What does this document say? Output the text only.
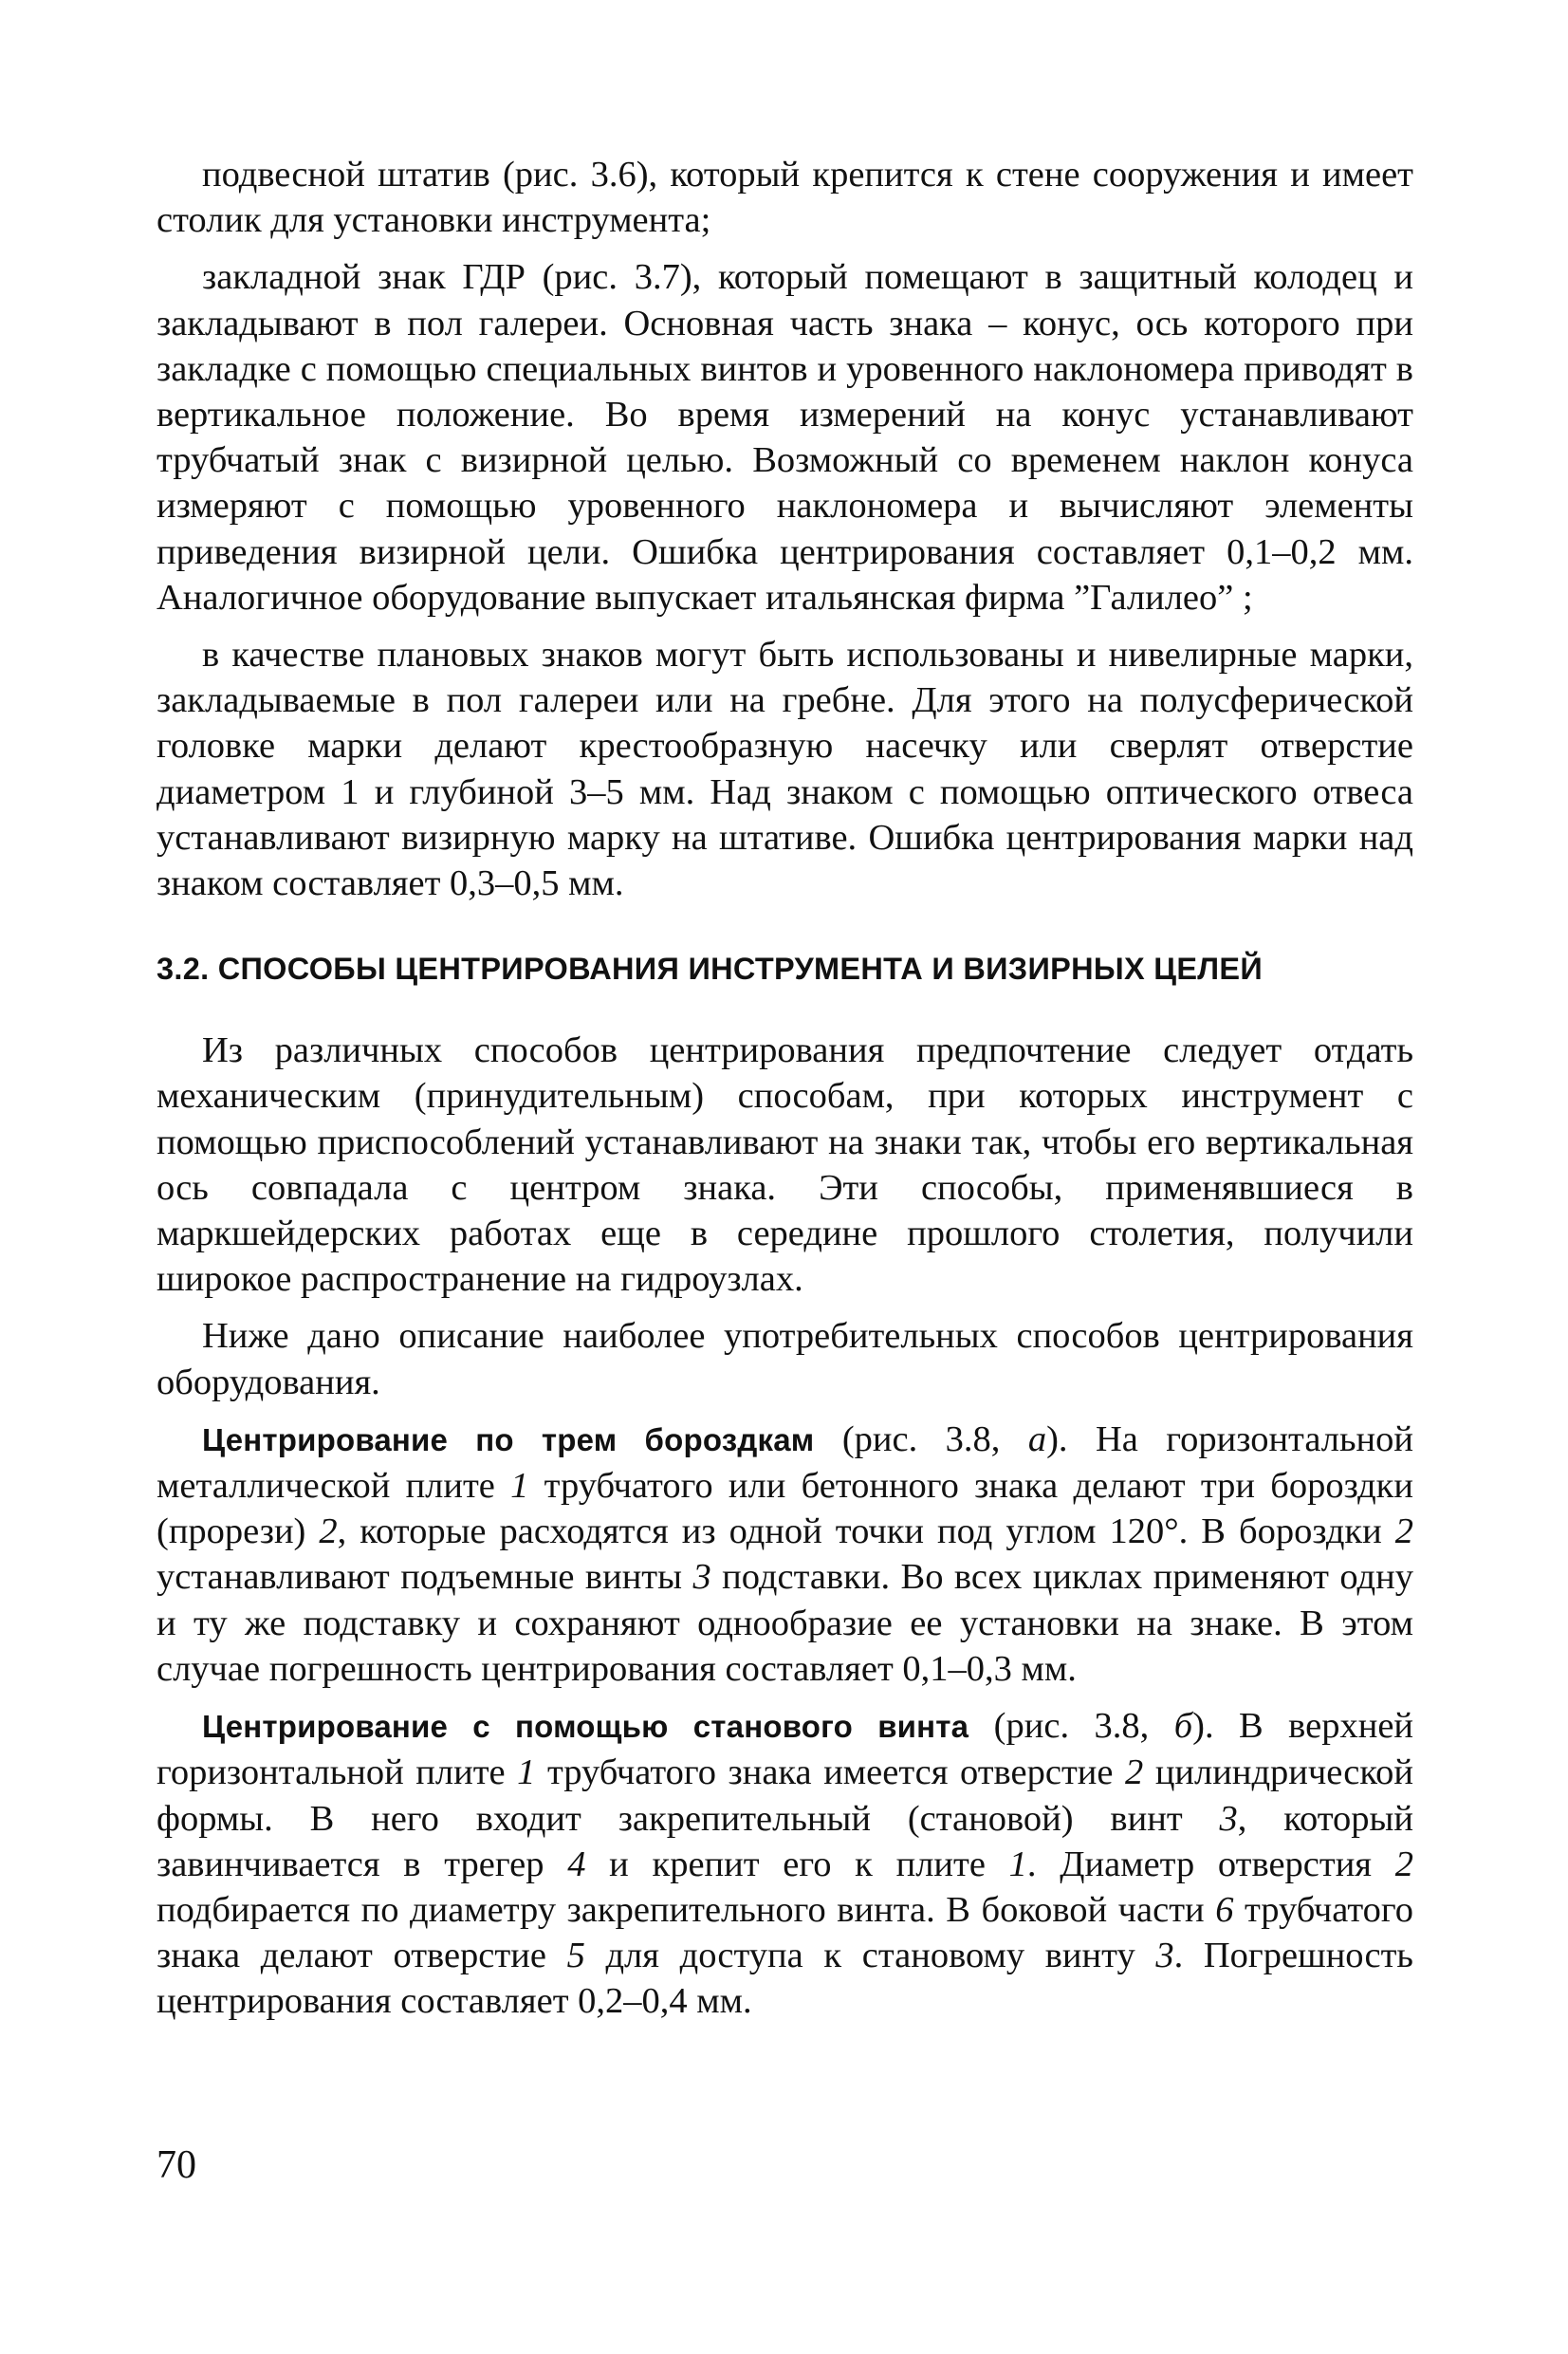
подвесной штатив (рис. 3.6), который крепится к стене сооружения и имеет столик для установки инструмента;

закладной знак ГДР (рис. 3.7), который помещают в защитный колодец и закладывают в пол галереи. Основная часть знака – конус, ось которого при закладке с помощью специальных винтов и уровенного наклономера приводят в вертикальное положение. Во время измерений на конус устанавливают трубчатый знак с визирной целью. Возможный со временем наклон конуса измеряют с помощью уровенного наклономера и вычисляют элементы приведения визирной цели. Ошибка центрирования составляет 0,1–0,2 мм. Аналогичное оборудование выпускает итальянская фирма ”Галилео” ;

в качестве плановых знаков могут быть использованы и нивелирные марки, закладываемые в пол галереи или на гребне. Для этого на полусферической головке марки делают крестообразную насечку или сверлят отверстие диаметром 1 и глубиной 3–5 мм. Над знаком с помощью оптического отвеса устанавливают визирную марку на штативе. Ошибка центрирования марки над знаком составляет 0,3–0,5 мм.

3.2. СПОСОБЫ ЦЕНТРИРОВАНИЯ ИНСТРУМЕНТА И ВИЗИРНЫХ ЦЕЛЕЙ

Из различных способов центрирования предпочтение следует отдать механическим (принудительным) способам, при которых инструмент с помощью приспособлений устанавливают на знаки так, чтобы его вертикальная ось совпадала с центром знака. Эти способы, применявшиеся в маркшейдерских работах еще в середине прошлого столетия, получили широкое распространение на гидроузлах.

Ниже дано описание наиболее употребительных способов центрирования оборудования.

Центрирование по трем бороздкам (рис. 3.8, а). На горизонтальной металлической плите 1 трубчатого или бетонного знака делают три бороздки (прорези) 2, которые расходятся из одной точки под углом 120°. В бороздки 2 устанавливают подъемные винты 3 подставки. Во всех циклах применяют одну и ту же подставку и сохраняют однообразие ее установки на знаке. В этом случае погрешность центрирования составляет 0,1–0,3 мм.

Центрирование с помощью станового винта (рис. 3.8, б). В верхней горизонтальной плите 1 трубчатого знака имеется отверстие 2 цилиндрической формы. В него входит закрепительный (становой) винт 3, который завинчивается в трегер 4 и крепит его к плите 1. Диаметр отверстия 2 подбирается по диаметру закрепительного винта. В боковой части 6 трубчатого знака делают отверстие 5 для доступа к становому винту 3. Погрешность центрирования составляет 0,2–0,4 мм.

70
